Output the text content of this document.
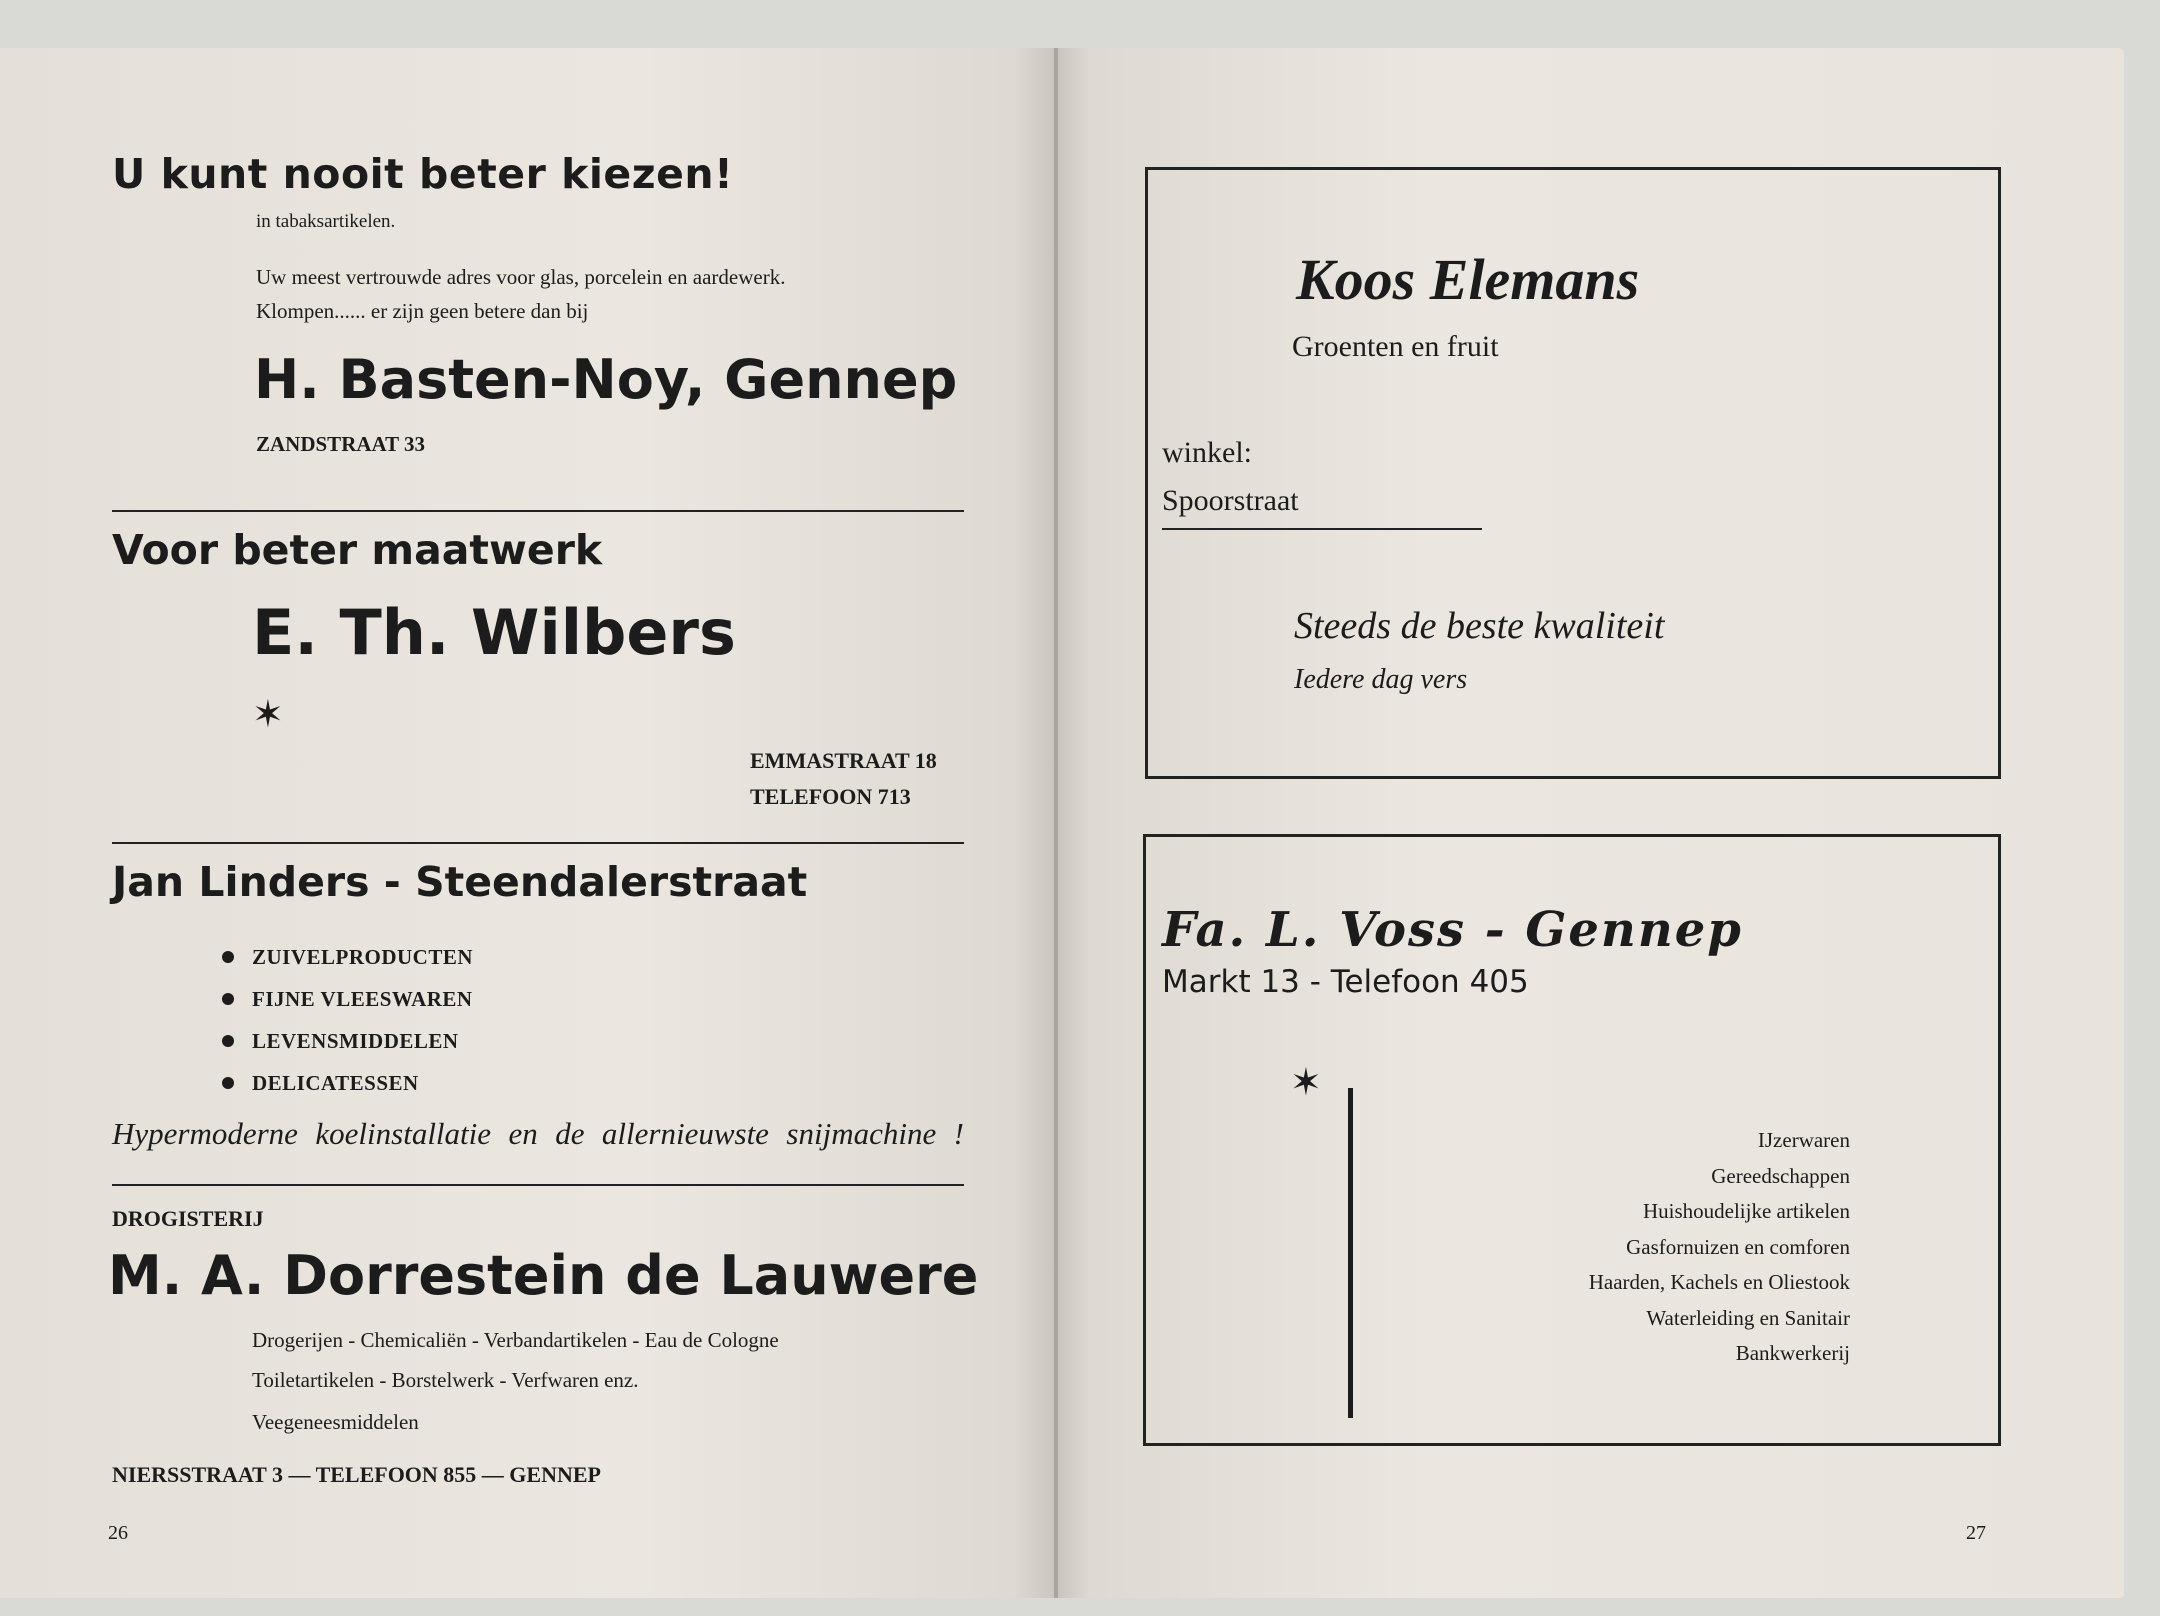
U kunt nooit beter kiezen!

in tabaksartikelen.

Uw meest vertrouwde adres voor glas, porcelein en aardewerk.

Klompen...... er zijn geen betere dan bij

H. Basten-Noy, Gennep

ZANDSTRAAT 33

Voor beter maatwerk
E. Th. Wilbers
✶

EMMASTRAAT 18

TELEFOON 713

Jan Linders - Steendalerstraat
ZUIVELPRODUCTEN
FIJNE VLEESWAREN
LEVENSMIDDELEN
DELICATESSEN

Hypermoderne koelinstallatie en de allernieuwste snijmachine !

DROGISTERIJ

M. A. Dorrestein de Lauwere

Drogerijen - Chemicaliën - Verbandartikelen - Eau de Cologne

Toiletartikelen - Borstelwerk - Verfwaren enz.

Veegeneesmiddelen

NIERSSTRAAT 3 — TELEFOON 855 — GENNEP

26

Koos Elemans

Groenten en fruit

winkel:

Spoorstraat

Steeds de beste kwaliteit

Iedere dag vers

Fa. L. Voss - Gennep

Markt 13 - Telefoon 405

✶
IJzerwaren
Gereedschappen
Huishoudelijke artikelen
Gasfornuizen en comforen
Haarden, Kachels en Oliestook
Waterleiding en Sanitair
Bankwerkerij

27
